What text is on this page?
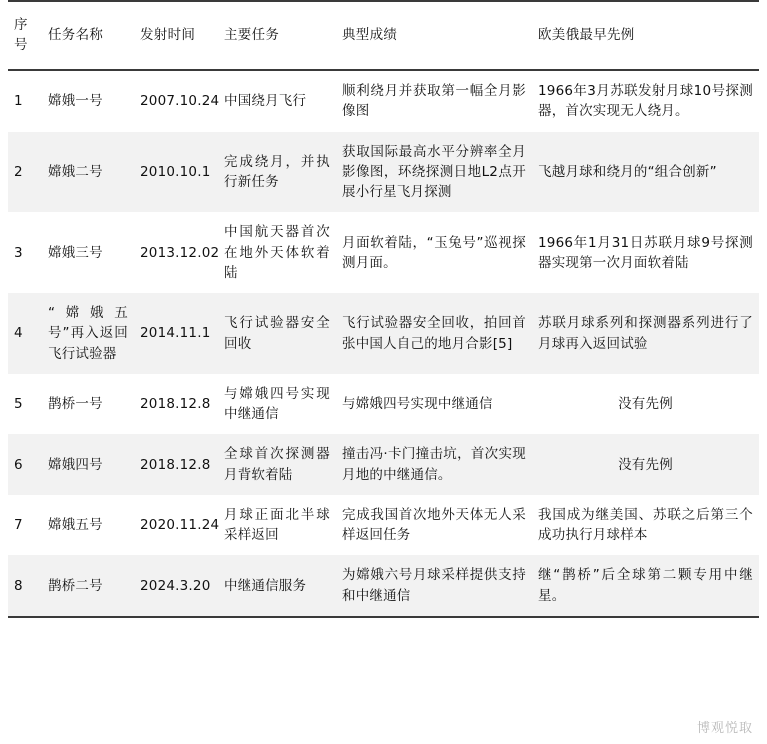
序号	任务名称	发射时间	主要任务	典型成绩	欧美俄最早先例
1	嫦娥一号	2007.10.24	中国绕月飞行	顺利绕月并获取第一幅全月影像图	1966年3月苏联发射月球10号探测器，首次实现无人绕月。
2	嫦娥二号	2010.10.1	完成绕月，并执行新任务	获取国际最高水平分辨率全月影像图，环绕探测日地L2点开展小行星飞月探测	飞越月球和绕月的“组合创新”
3	嫦娥三号	2013.12.02	中国航天器首次在地外天体软着陆	月面软着陆，“玉兔号”巡视探测月面。	1966年1月31日苏联月球9号探测器实现第一次月面软着陆
4	“嫦娥五号”再入返回飞行试验器	2014.11.1	飞行试验器安全回收	飞行试验器安全回收，拍回首张中国人自己的地月合影[5]	苏联月球系列和探测器系列进行了月球再入返回试验
5	鹊桥一号	2018.12.8	与嫦娥四号实现中继通信	与嫦娥四号实现中继通信	没有先例
6	嫦娥四号	2018.12.8	全球首次探测器月背软着陆	撞击冯·卡门撞击坑，首次实现月地的中继通信。	没有先例
7	嫦娥五号	2020.11.24	月球正面北半球采样返回	完成我国首次地外天体无人采样返回任务	我国成为继美国、苏联之后第三个成功执行月球样本
8	鹊桥二号	2024.3.20	中继通信服务	为嫦娥六号月球采样提供支持和中继通信	继“鹊桥”后全球第二颗专用中继星。
博观悦取
